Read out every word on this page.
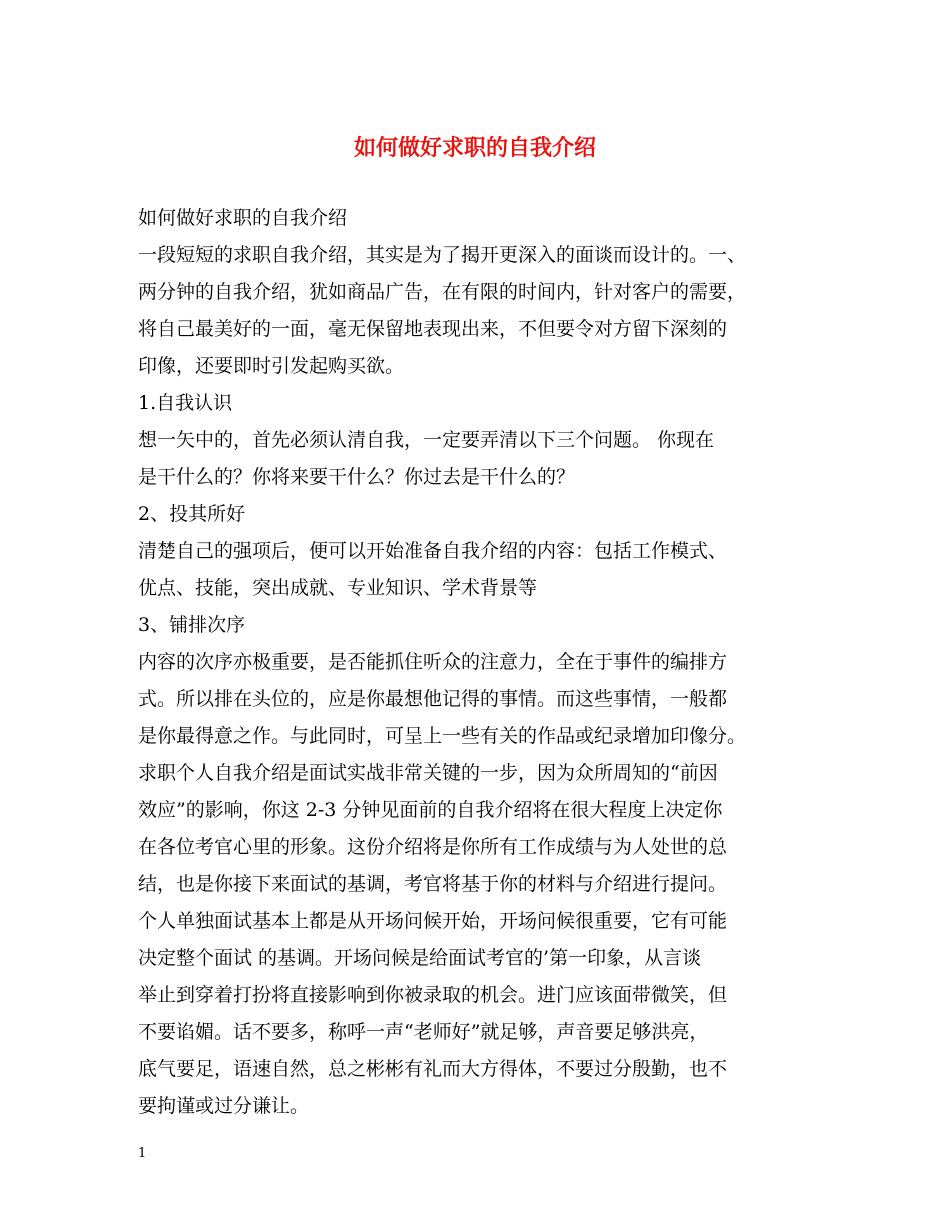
如何做好求职的自我介绍
如何做好求职的自我介绍
一段短短的求职自我介绍，其实是为了揭开更深入的面谈而设计的。一、
两分钟的自我介绍，犹如商品广告，在有限的时间内，针对客户的需要，
将自己最美好的一面，毫无保留地表现出来，不但要令对方留下深刻的
印像，还要即时引发起购买欲。
1.自我认识
想一矢中的，首先必须认清自我，一定要弄清以下三个问题。 你现在
是干什么的？你将来要干什么？你过去是干什么的？
2、投其所好
清楚自己的强项后，便可以开始准备自我介绍的内容：包括工作模式、
优点、技能，突出成就、专业知识、学术背景等
3、铺排次序
内容的次序亦极重要，是否能抓住听众的注意力，全在于事件的编排方
式。所以排在头位的，应是你最想他记得的事情。而这些事情，一般都
是你最得意之作。与此同时，可呈上一些有关的作品或纪录增加印像分。
求职个人自我介绍是面试实战非常关键的一步，因为众所周知的“前因
效应”的影响，你这 2-3 分钟见面前的自我介绍将在很大程度上决定你
在各位考官心里的形象。这份介绍将是你所有工作成绩与为人处世的总
结，也是你接下来面试的基调，考官将基于你的材料与介绍进行提问。
个人单独面试基本上都是从开场问候开始，开场问候很重要，它有可能
决定整个面试 的基调。开场问候是给面试考官的’第一印象，从言谈
举止到穿着打扮将直接影响到你被录取的机会。进门应该面带微笑，但
不要谄媚。话不要多，称呼一声“老师好”就足够，声音要足够洪亮，
底气要足，语速自然，总之彬彬有礼而大方得体，不要过分殷勤，也不
要拘谨或过分谦让。
1
